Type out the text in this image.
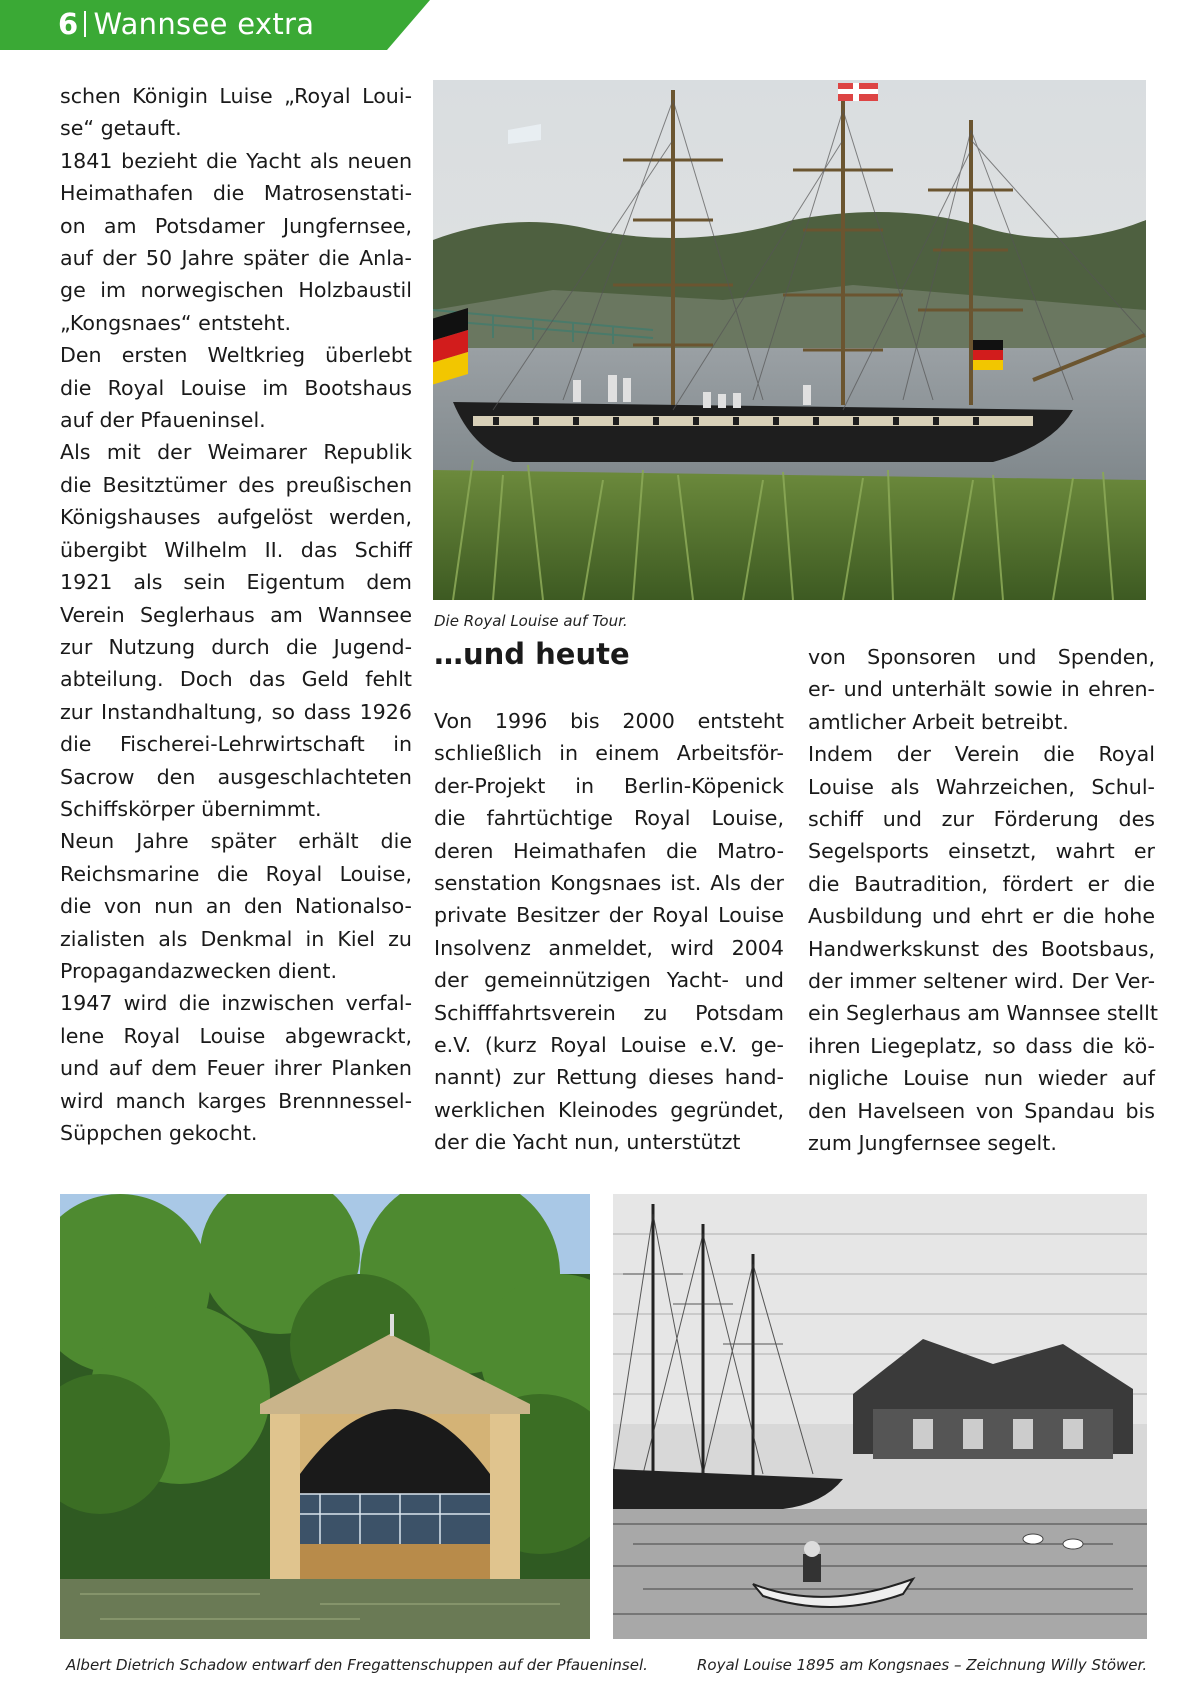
6 Wannsee extra

schen Königin Luise „Royal Loui-
se“ getauft.
1841 bezieht die Yacht als neuen
Heimathafen die Matrosenstati-
on am Potsdamer Jungfernsee,
auf der 50 Jahre später die Anla-
ge im norwegischen Holzbaustil
„Kongsnaes“ entsteht.
Den ersten Weltkrieg überlebt
die Royal Louise im Bootshaus
auf der Pfaueninsel.
Als mit der Weimarer Republik
die Besitztümer des preußischen
Königshauses aufgelöst werden,
übergibt Wilhelm II. das Schiff
1921 als sein Eigentum dem
Verein Seglerhaus am Wannsee
zur Nutzung durch die Jugend-
abteilung. Doch das Geld fehlt
zur Instandhaltung, so dass 1926
die Fischerei-Lehrwirtschaft in
Sacrow den ausgeschlachteten
Schiffskörper übernimmt.
Neun Jahre später erhält die
Reichsmarine die Royal Louise,
die von nun an den Nationalso-
zialisten als Denkmal in Kiel zu
Propagandazwecken dient.
1947 wird die inzwischen verfal-
lene Royal Louise abgewrackt,
und auf dem Feuer ihrer Planken
wird manch karges Brennnessel-
Süppchen gekocht.

Die Royal Louise auf Tour.
…und heute

Von 1996 bis 2000 entsteht
schließlich in einem Arbeitsför-
der-Projekt in Berlin-Köpenick
die fahrtüchtige Royal Louise,
deren Heimathafen die Matro-
senstation Kongsnaes ist. Als der
private Besitzer der Royal Louise
Insolvenz anmeldet, wird 2004
der gemeinnützigen Yacht- und
Schifffahrtsverein zu Potsdam
e.V. (kurz Royal Louise e.V. ge-
nannt) zur Rettung dieses hand-
werklichen Kleinodes gegründet,
der die Yacht nun, unterstützt

von Sponsoren und Spenden,
er- und unterhält sowie in ehren-
amtlicher Arbeit betreibt.
Indem der Verein die Royal
Louise als Wahrzeichen, Schul-
schiff und zur Förderung des
Segelsports einsetzt, wahrt er
die Bautradition, fördert er die
Ausbildung und ehrt er die hohe
Handwerkskunst des Bootsbaus,
der immer seltener wird. Der Ver-
ein Seglerhaus am Wannsee stellt
ihren Liegeplatz, so dass die kö-
nigliche Louise nun wieder auf
den Havelseen von Spandau bis
zum Jungfernsee segelt.

Albert Dietrich Schadow entwarf den Fregattenschuppen auf der Pfaueninsel.	Royal Louise 1895 am Kongsnaes – Zeichnung Willy Stöwer.
